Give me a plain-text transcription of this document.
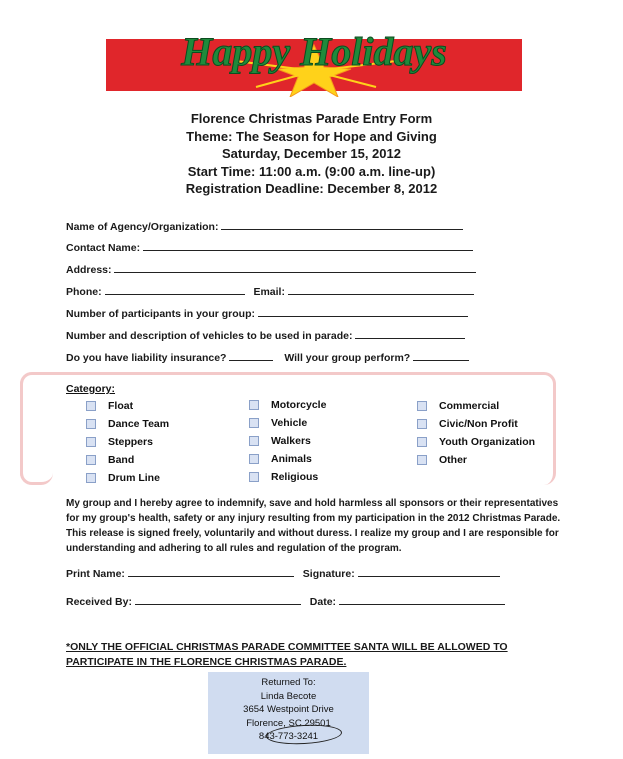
Happy Holidays
Florence Christmas Parade Entry Form
Theme: The Season for Hope and Giving
Saturday, December 15, 2012
Start Time: 11:00 a.m. (9:00 a.m. line-up)
Registration Deadline: December 8, 2012
Name of Agency/Organization:
Contact Name:
Address:
Phone:	Email:
Number of participants in your group:
Number and description of vehicles to be used in parade:
Do you have liability insurance?	Will your group perform?
Category:
Float
Dance Team
Steppers
Band
Drum Line
Motorcycle
Vehicle
Walkers
Animals
Religious
Commercial
Civic/Non Profit
Youth Organization
Other
My group and I hereby agree to indemnify, save and hold harmless all sponsors or their representatives for my group's health, safety or any injury resulting from my participation in the 2012 Christmas Parade. This release is signed freely, voluntarily and without duress. I realize my group and I are responsible for understanding and adhering to all rules and regulation of the program.
Print Name:	Signature:
Received By:	Date:
*ONLY THE OFFICIAL CHRISTMAS PARADE COMMITTEE SANTA WILL BE ALLOWED TO
PARTICIPATE IN THE FLORENCE CHRISTMAS PARADE.
Returned To:
Linda Becote
3654 Westpoint Drive
Florence, SC 29501
843-773-3241
